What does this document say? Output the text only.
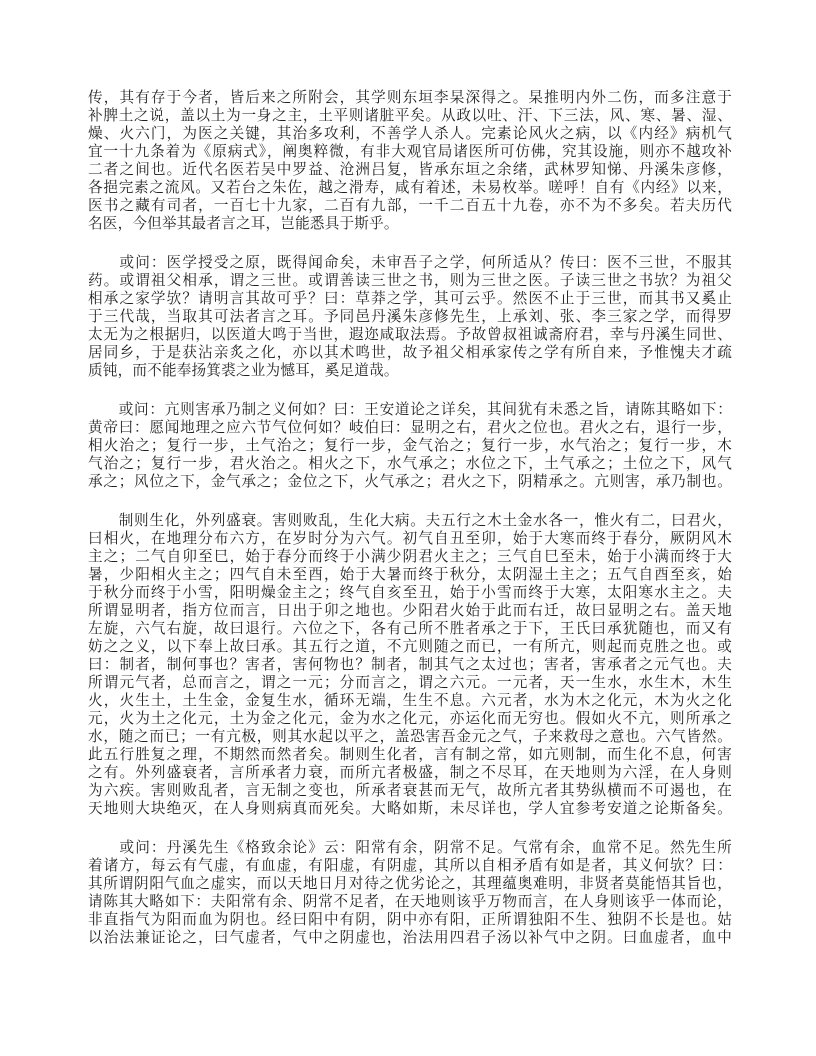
传，其有存于今者，皆后来之所附会，其学则东垣李杲深得之。杲推明内外二伤，而多注意于
补脾土之说，盖以土为一身之主，土平则诸脏平矣。从政以吐、汗、下三法，风、寒、暑、湿、
燥、火六门，为医之关键，其治多攻利，不善学人杀人。完素论风火之病，以《内经》病机气
宜一十九条着为《原病式》，阐奥粹微，有非大观官局诸医所可仿佛，究其设施，则亦不越攻补
二者之间也。近代名医若吴中罗益、沧洲吕复，皆承东垣之余绪，武林罗知悌、丹溪朱彦修，
各挹完素之流风。又若台之朱佐，越之滑寿，咸有着述，未易枚举。嗟呼！自有《内经》以来，
医书之藏有司者，一百七十九家，二百有九部，一千二百五十九卷，亦不为不多矣。若夫历代
名医，今但举其最者言之耳，岂能悉具于斯乎。
　　或问：医学授受之原，既得闻命矣，未审吾子之学，何所适从？传曰：医不三世，不服其
药。或谓祖父相承，谓之三世。或谓善读三世之书，则为三世之医。子读三世之书欤？为祖父
相承之家学欤？请明言其故可乎？曰：草莽之学，其可云乎。然医不止于三世，而其书又奚止
于三代哉，当取其可法者言之耳。予同邑丹溪朱彦修先生，上承刘、张、李三家之学，而得罗
太无为之根据归，以医道大鸣于当世，遐迩咸取法焉。予故曾叔祖诚斋府君，幸与丹溪生同世、
居同乡，于是获沾亲炙之化，亦以其术鸣世，故予祖父相承家传之学有所自来，予惟愧夫才疏
质钝，而不能奉扬箕裘之业为憾耳，奚足道哉。
　　或问：亢则害承乃制之义何如？曰：王安道论之详矣，其间犹有未悉之旨，请陈其略如下：
黄帝曰：愿闻地理之应六节气位何如？岐伯曰：显明之右，君火之位也。君火之右，退行一步，
相火治之；复行一步，土气治之；复行一步，金气治之；复行一步，水气治之；复行一步，木
气治之；复行一步，君火治之。相火之下，水气承之；水位之下，土气承之；土位之下，风气
承之；风位之下，金气承之；金位之下，火气承之；君火之下，阴精承之。亢则害，承乃制也。
　　制则生化，外列盛衰。害则败乱，生化大病。夫五行之木土金水各一，惟火有二，曰君火，
曰相火，在地理分布六方，在岁时分为六气。初气自丑至卯，始于大寒而终于春分，厥阴风木
主之；二气自卯至巳，始于春分而终于小满少阴君火主之；三气自巳至未，始于小满而终于大
暑，少阳相火主之；四气自未至酉，始于大暑而终于秋分，太阴湿土主之；五气自酉至亥，始
于秋分而终于小雪，阳明燥金主之；终气自亥至丑，始于小雪而终于大寒，太阳寒水主之。夫
所谓显明者，指方位而言，日出于卯之地也。少阳君火始于此而右迁，故曰显明之右。盖天地
左旋，六气右旋，故曰退行。六位之下，各有己所不胜者承之于下，王氏曰承犹随也，而又有
妨之之义，以下奉上故曰承。其五行之道，不亢则随之而已，一有所亢，则起而克胜之也。或
曰：制者，制何事也？害者，害何物也？制者，制其气之太过也；害者，害承者之元气也。夫
所谓元气者，总而言之，谓之一元；分而言之，谓之六元。一元者，天一生水，水生木，木生
火，火生土，土生金，金复生水，循环无端，生生不息。六元者，水为木之化元，木为火之化
元，火为土之化元，土为金之化元，金为水之化元，亦运化而无穷也。假如火不亢，则所承之
水，随之而已；一有亢极，则其水起以平之，盖恐害吾金元之气，子来救母之意也。六气皆然。
此五行胜复之理，不期然而然者矣。制则生化者，言有制之常，如亢则制，而生化不息，何害
之有。外列盛衰者，言所承者力衰，而所亢者极盛，制之不尽耳，在天地则为六淫，在人身则
为六疾。害则败乱者，言无制之变也，所承者衰甚而无气，故所亢者其势纵横而不可遏也，在
天地则大块绝灭，在人身则病真而死矣。大略如斯，未尽详也，学人宜参考安道之论斯备矣。
　　或问：丹溪先生《格致余论》云：阳常有余，阴常不足。气常有余，血常不足。然先生所
着诸方，每云有气虚，有血虚，有阳虚，有阴虚，其所以自相矛盾有如是者，其义何欤？曰：
其所谓阴阳气血之虚实，而以天地日月对待之优劣论之，其理蕴奥难明，非贤者莫能悟其旨也，
请陈其大略如下：夫阳常有余、阴常不足者，在天地则该乎万物而言，在人身则该乎一体而论，
非直指气为阳而血为阴也。经曰阳中有阴，阴中亦有阳，正所谓独阳不生、独阴不长是也。姑
以治法兼证论之，曰气虚者，气中之阴虚也，治法用四君子汤以补气中之阴。曰血虚者，血中
